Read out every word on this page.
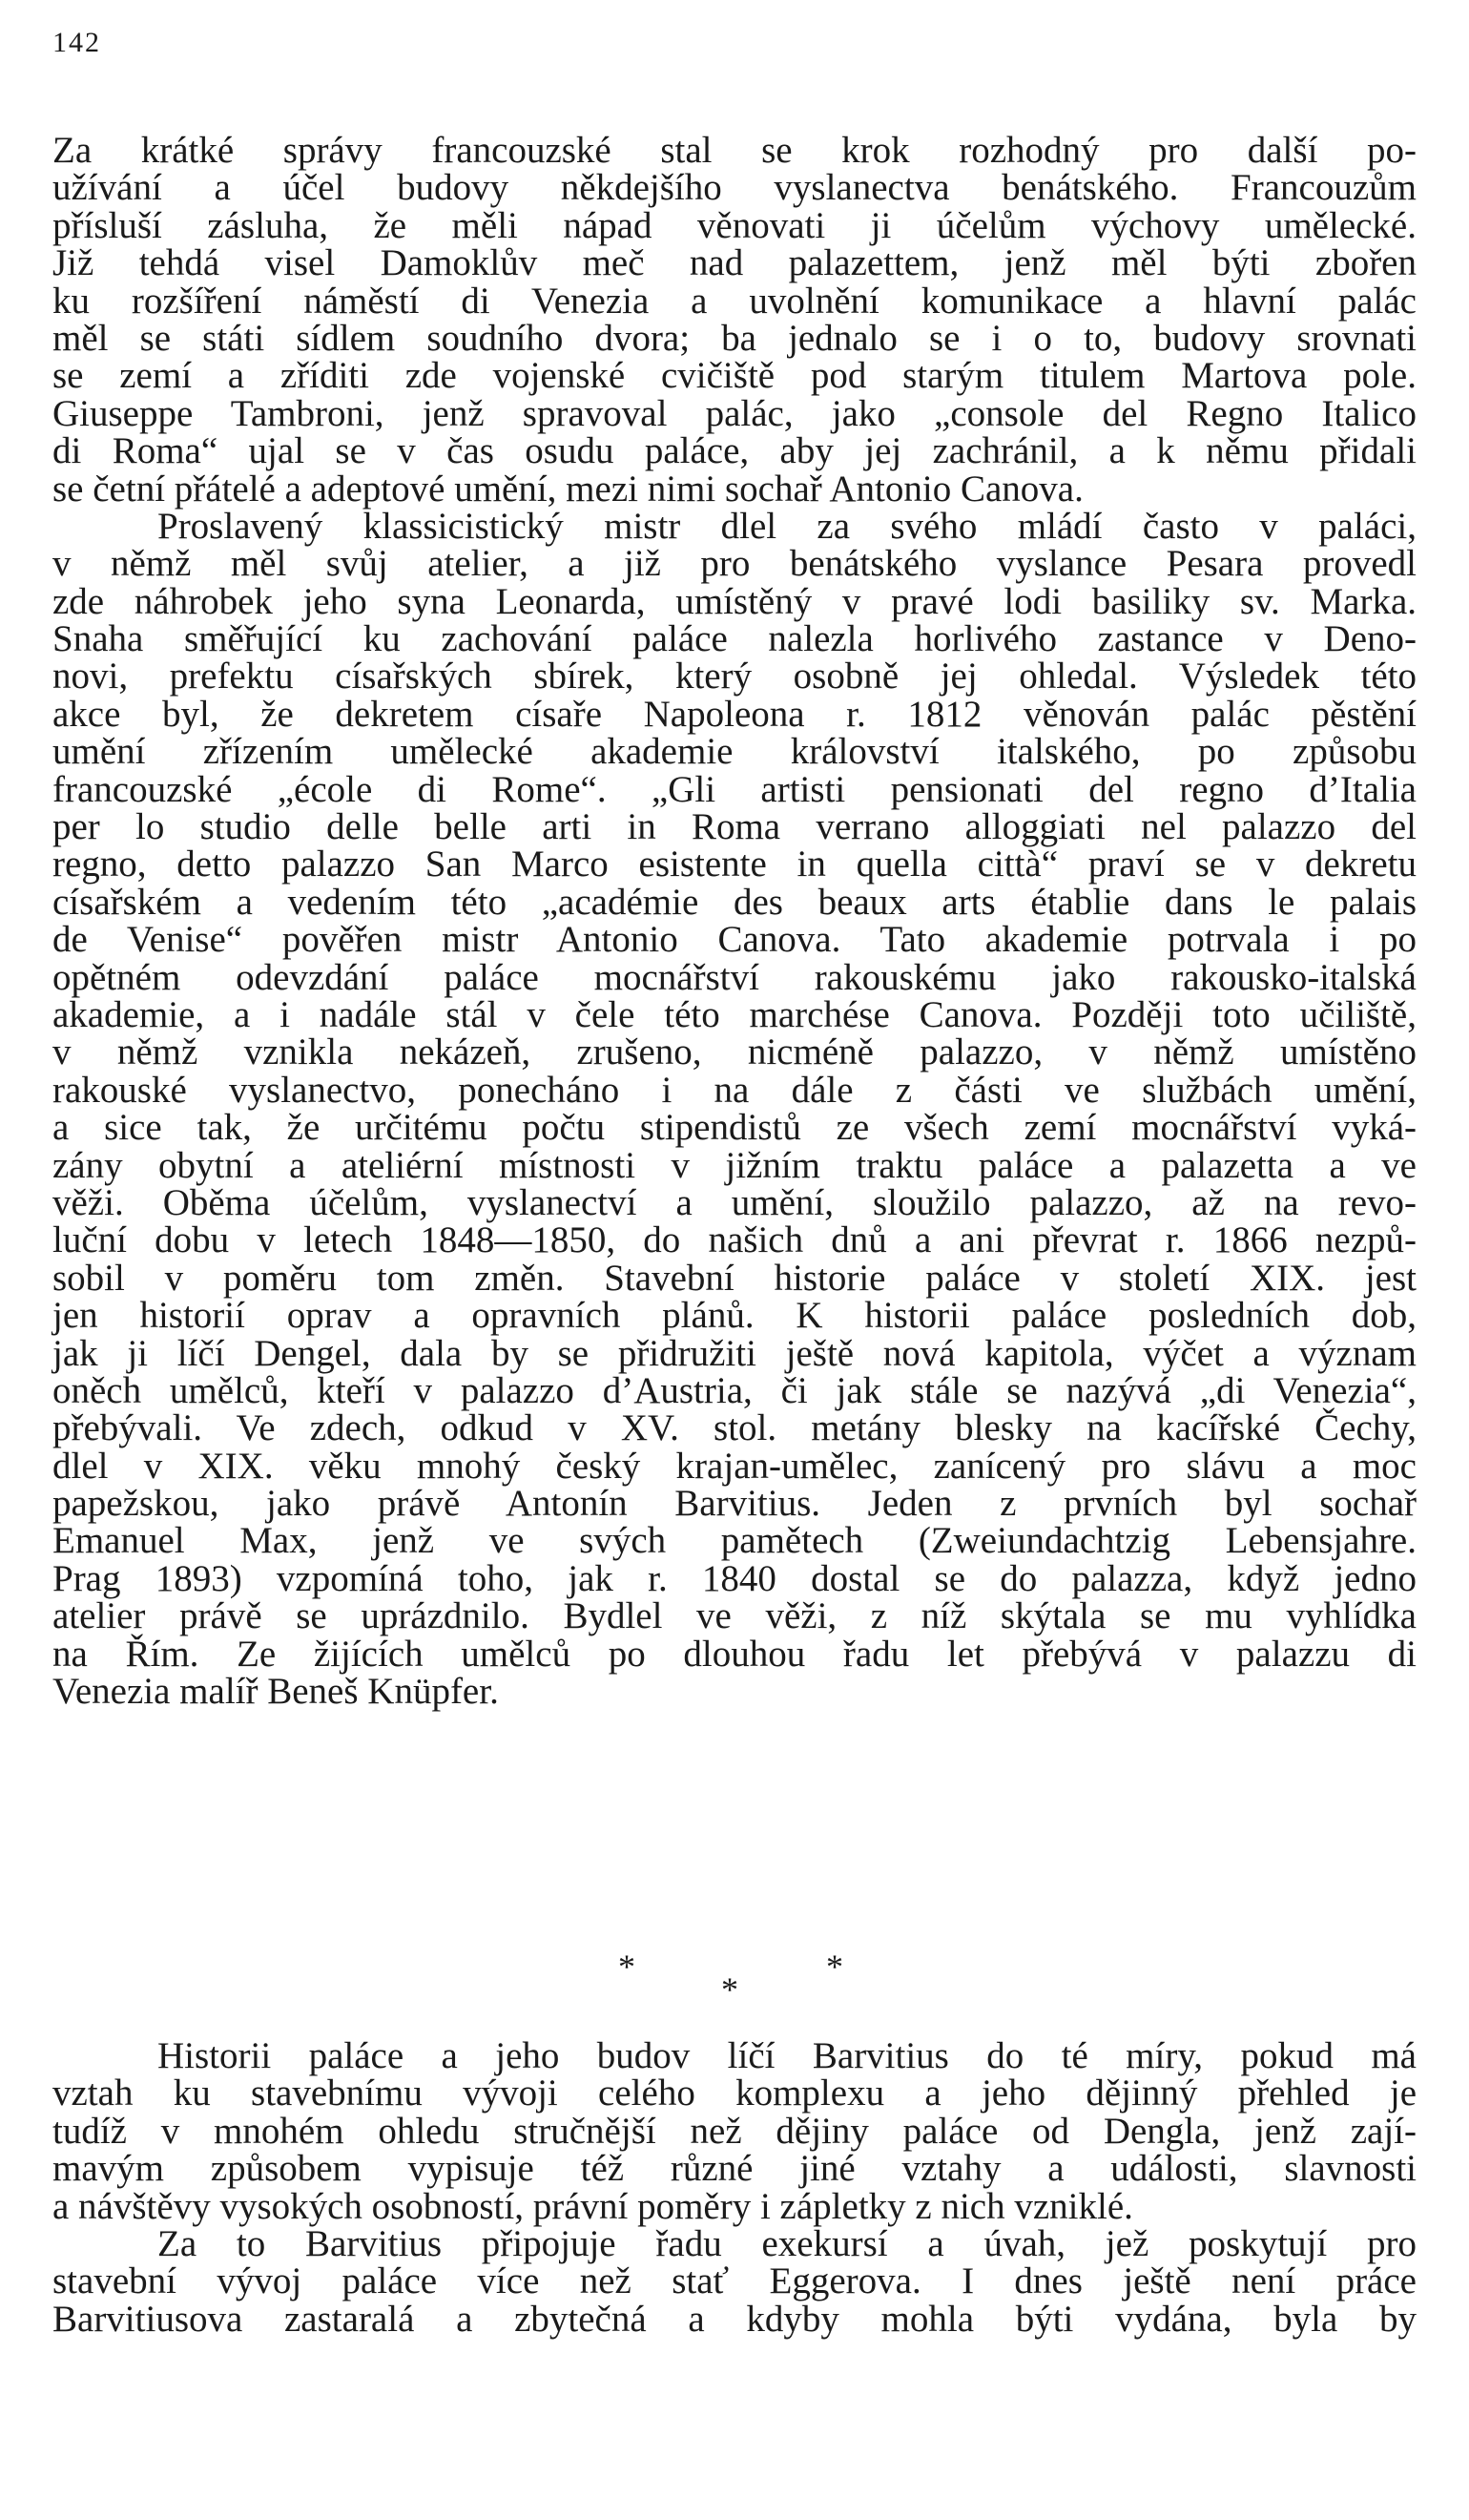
142
Za krátké správy francouzské stal se krok rozhodný pro další po-
užívání a účel budovy někdejšího vyslanectva benátského. Francouzům
přísluší zásluha, že měli nápad věnovati ji účelům výchovy umělecké.
Již tehdá visel Damoklův meč nad palazettem, jenž měl býti zbořen
ku rozšíření náměstí di Venezia a uvolnění komunikace a hlavní palác
měl se státi sídlem soudního dvora; ba jednalo se i o to, budovy srovnati
se zemí a zříditi zde vojenské cvičiště pod starým titulem Martova pole.
Giuseppe Tambroni, jenž spravoval palác, jako „console del Regno Italico
di Roma“ ujal se v čas osudu paláce, aby jej zachránil, a k němu přidali
se četní přátelé a adeptové umění, mezi nimi sochař Antonio Canova.
Proslavený klassicistický mistr dlel za svého mládí často v paláci,
v němž měl svůj atelier, a již pro benátského vyslance Pesara provedl
zde náhrobek jeho syna Leonarda, umístěný v pravé lodi basiliky sv. Marka.
Snaha směřující ku zachování paláce nalezla horlivého zastance v Deno-
novi, prefektu císařských sbírek, který osobně jej ohledal. Výsledek této
akce byl, že dekretem císaře Napoleona r. 1812 věnován palác pěstění
umění zřízením umělecké akademie království italského, po způsobu
francouzské „école di Rome“. „Gli artisti pensionati del regno d’Italia
per lo studio delle belle arti in Roma verrano alloggiati nel palazzo del
regno, detto palazzo San Marco esistente in quella città“ praví se v dekretu
císařském a vedením této „académie des beaux arts établie dans le palais
de Venise“ pověřen mistr Antonio Canova. Tato akademie potrvala i po
opětném odevzdání paláce mocnářství rakouskému jako rakousko-italská
akademie, a i nadále stál v čele této marchése Canova. Později toto učiliště,
v němž vznikla nekázeň, zrušeno, nicméně palazzo, v němž umístěno
rakouské vyslanectvo, ponecháno i na dále z části ve službách umění,
a sice tak, že určitému počtu stipendistů ze všech zemí mocnářství vyká-
zány obytní a ateliérní místnosti v jižním traktu paláce a palazetta a ve
věži. Oběma účelům, vyslanectví a umění, sloužilo palazzo, až na revo-
luční dobu v letech 1848—1850, do našich dnů a ani převrat r. 1866 nezpů-
sobil v poměru tom změn. Stavební historie paláce v století XIX. jest
jen historií oprav a opravních plánů. K historii paláce posledních dob,
jak ji líčí Dengel, dala by se přidružiti ještě nová kapitola, výčet a význam
oněch umělců, kteří v palazzo d’Austria, či jak stále se nazývá „di Venezia“,
přebývali. Ve zdech, odkud v XV. stol. metány blesky na kacířské Čechy,
dlel v XIX. věku mnohý český krajan-umělec, zanícený pro slávu a moc
papežskou, jako právě Antonín Barvitius. Jeden z prvních byl sochař
Emanuel Max, jenž ve svých pamětech (Zweiundachtzig Lebensjahre.
Prag 1893) vzpomíná toho, jak r. 1840 dostal se do palazza, když jedno
atelier právě se uprázdnilo. Bydlel ve věži, z níž skýtala se mu vyhlídka
na Řím. Ze žijících umělců po dlouhou řadu let přebývá v palazzu di
Venezia malíř Beneš Knüpfer.
*	*
*
Historii paláce a jeho budov líčí Barvitius do té míry, pokud má
vztah ku stavebnímu vývoji celého komplexu a jeho dějinný přehled je
tudíž v mnohém ohledu stručnější než dějiny paláce od Dengla, jenž zají-
mavým způsobem vypisuje též různé jiné vztahy a události, slavnosti
a návštěvy vysokých osobností, právní poměry i zápletky z nich vzniklé.
Za to Barvitius připojuje řadu exekursí a úvah, jež poskytují pro
stavební vývoj paláce více než stať Eggerova. I dnes ještě není práce
Barvitiusova zastaralá a zbytečná a kdyby mohla býti vydána, byla by
